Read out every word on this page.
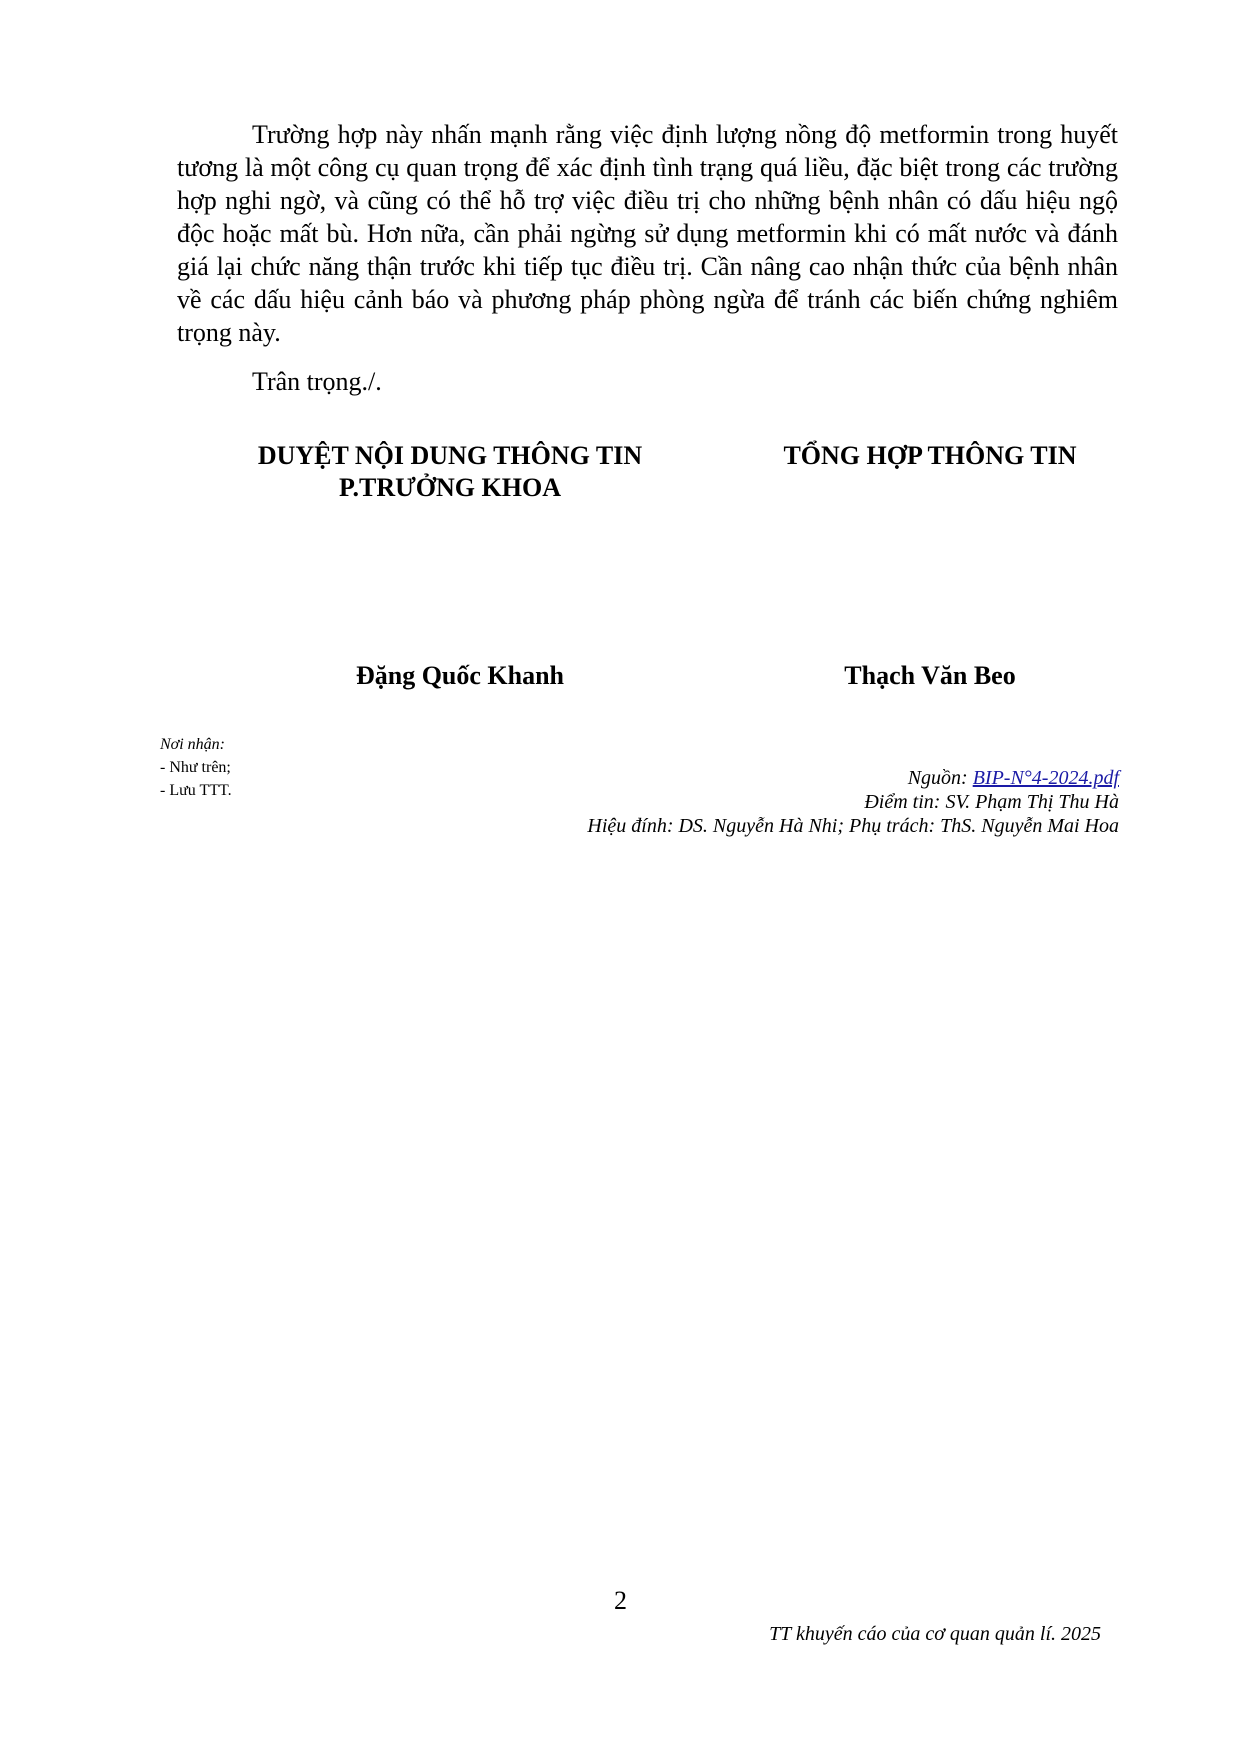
Trường hợp này nhấn mạnh rằng việc định lượng nồng độ metformin trong huyết tương là một công cụ quan trọng để xác định tình trạng quá liều, đặc biệt trong các trường hợp nghi ngờ, và cũng có thể hỗ trợ việc điều trị cho những bệnh nhân có dấu hiệu ngộ độc hoặc mất bù. Hơn nữa, cần phải ngừng sử dụng metformin khi có mất nước và đánh giá lại chức năng thận trước khi tiếp tục điều trị. Cần nâng cao nhận thức của bệnh nhân về các dấu hiệu cảnh báo và phương pháp phòng ngừa để tránh các biến chứng nghiêm trọng này.

Trân trọng./.

DUYỆT NỘI DUNG THÔNG TIN
P.TRƯỞNG KHOA
TỔNG HỢP THÔNG TIN
Đặng Quốc Khanh	Thạch Văn Beo
Nơi nhận:
- Như trên;
- Lưu TTT.
Nguồn: BIP-N°4-2024.pdf
Điểm tin: SV. Phạm Thị Thu Hà
Hiệu đính: DS. Nguyễn Hà Nhi; Phụ trách: ThS. Nguyễn Mai Hoa
2
TT khuyến cáo của cơ quan quản lí. 2025
